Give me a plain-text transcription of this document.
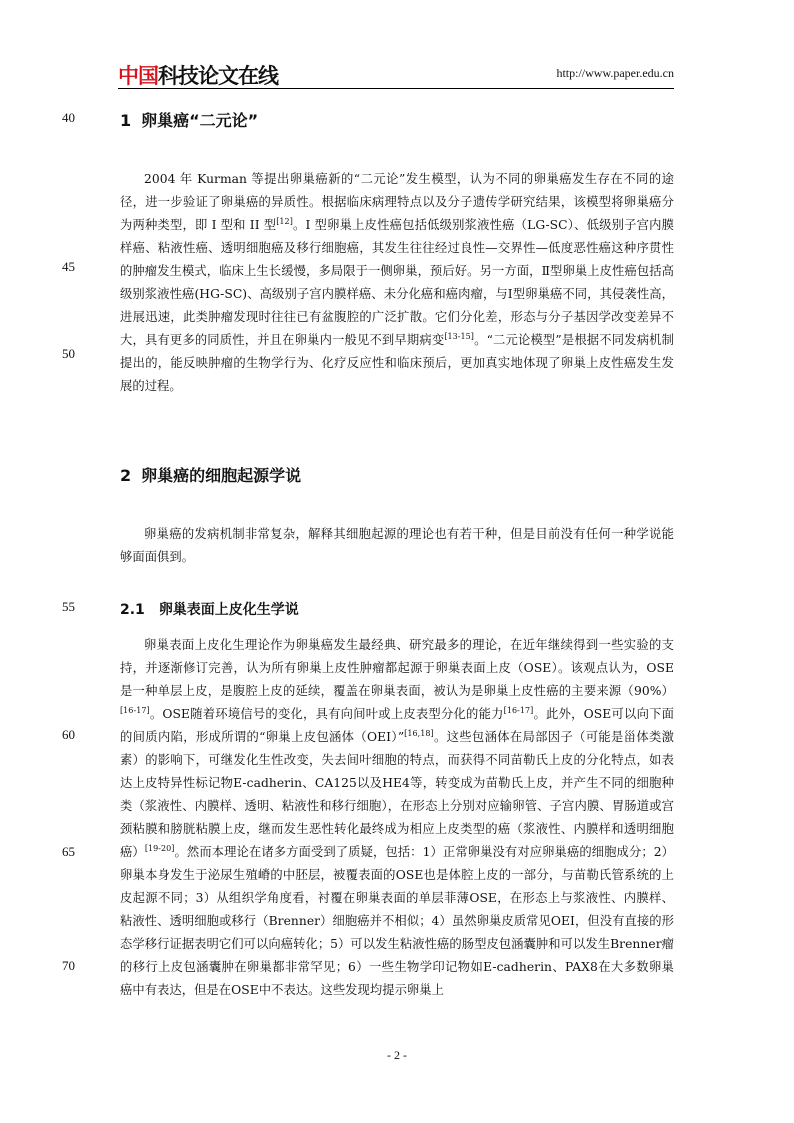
中国科技论文在线	http://www.paper.edu.cn
40
45
50
55
60
65
70
1 卵巢癌“二元论”
2004 年 Kurman 等提出卵巢癌新的“二元论”发生模型，认为不同的卵巢癌发生存在不同的途径，进一步验证了卵巢癌的异质性。根据临床病理特点以及分子遗传学研究结果，该模型将卵巢癌分为两种类型，即 I 型和 II 型[12]。I 型卵巢上皮性癌包括低级别浆液性癌（LG-SC）、低级别子宫内膜样癌、粘液性癌、透明细胞癌及移行细胞癌，其发生往往经过良性—交界性—低度恶性癌这种序贯性的肿瘤发生模式，临床上生长缓慢，多局限于一侧卵巢，预后好。另一方面，Ⅱ型卵巢上皮性癌包括高级别浆液性癌(HG-SC)、高级别子宫内膜样癌、未分化癌和癌肉瘤，与Ⅰ型卵巢癌不同，其侵袭性高，进展迅速，此类肿瘤发现时往往已有盆腹腔的广泛扩散。它们分化差，形态与分子基因学改变差异不大，具有更多的同质性，并且在卵巢内一般见不到早期病变[13-15]。“二元论模型”是根据不同发病机制提出的，能反映肿瘤的生物学行为、化疗反应性和临床预后，更加真实地体现了卵巢上皮性癌发生发展的过程。
2 卵巢癌的细胞起源学说
卵巢癌的发病机制非常复杂，解释其细胞起源的理论也有若干种，但是目前没有任何一种学说能够面面俱到。
2.1 卵巢表面上皮化生学说
卵巢表面上皮化生理论作为卵巢癌发生最经典、研究最多的理论，在近年继续得到一些实验的支持，并逐渐修订完善，认为所有卵巢上皮性肿瘤都起源于卵巢表面上皮（OSE）。该观点认为，OSE是一种单层上皮，是腹腔上皮的延续，覆盖在卵巢表面，被认为是卵巢上皮性癌的主要来源（90%）[16-17]。OSE随着环境信号的变化，具有向间叶或上皮表型分化的能力[16-17]。此外，OSE可以向下面的间质内陷，形成所谓的“卵巢上皮包涵体（OEI）”[16,18]。这些包涵体在局部因子（可能是甾体类激素）的影响下，可继发化生性改变，失去间叶细胞的特点，而获得不同苗勒氏上皮的分化特点，如表达上皮特异性标记物E-cadherin、CA125以及HE4等，转变成为苗勒氏上皮，并产生不同的细胞种类（浆液性、内膜样、透明、粘液性和移行细胞），在形态上分别对应输卵管、子宫内膜、胃肠道或宫颈粘膜和膀胱粘膜上皮，继而发生恶性转化最终成为相应上皮类型的癌（浆液性、内膜样和透明细胞癌）[19-20]。然而本理论在诸多方面受到了质疑，包括：1）正常卵巢没有对应卵巢癌的细胞成分；2）卵巢本身发生于泌尿生殖嵴的中胚层，被覆表面的OSE也是体腔上皮的一部分，与苗勒氏管系统的上皮起源不同；3）从组织学角度看，衬覆在卵巢表面的单层菲薄OSE，在形态上与浆液性、内膜样、粘液性、透明细胞或移行（Brenner）细胞癌并不相似；4）虽然卵巢皮质常见OEI，但没有直接的形态学移行证据表明它们可以向癌转化；5）可以发生粘液性癌的肠型皮包涵囊肿和可以发生Brenner瘤的移行上皮包涵囊肿在卵巢都非常罕见；6）一些生物学印记物如E-cadherin、PAX8在大多数卵巢癌中有表达，但是在OSE中不表达。这些发现均提示卵巢上
- 2 -
